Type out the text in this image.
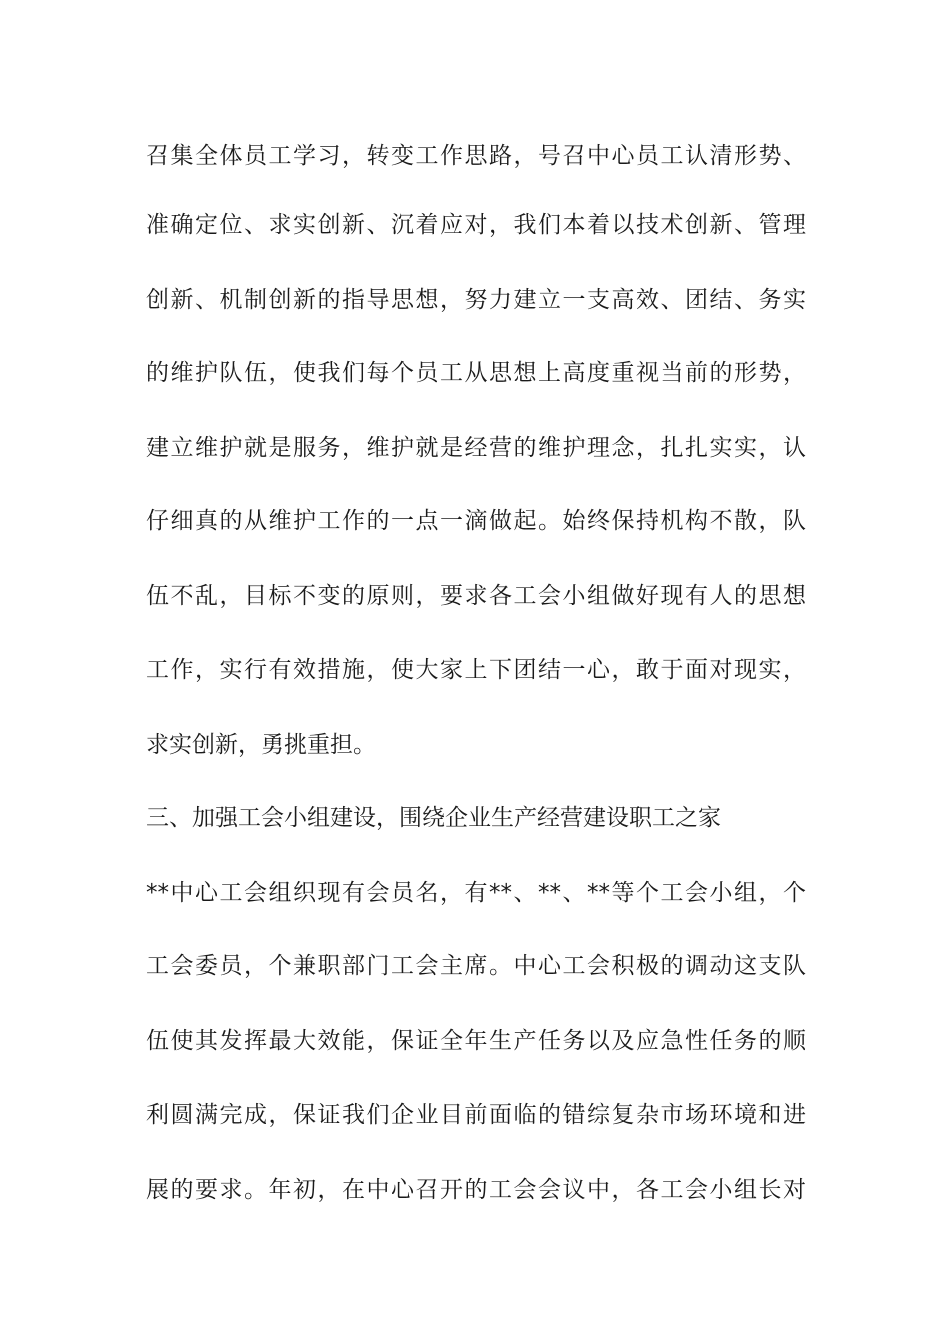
召集全体员工学习，转变工作思路，号召中心员工认清形势、
准确定位、求实创新、沉着应对，我们本着以技术创新、管理
创新、机制创新的指导思想，努力建立一支高效、团结、务实
的维护队伍，使我们每个员工从思想上高度重视当前的形势，
建立维护就是服务，维护就是经营的维护理念，扎扎实实，认
仔细真的从维护工作的一点一滴做起。始终保持机构不散，队
伍不乱，目标不变的原则，要求各工会小组做好现有人的思想
工作，实行有效措施，使大家上下团结一心，敢于面对现实，
求实创新，勇挑重担。
三、加强工会小组建设，围绕企业生产经营建设职工之家
**中心工会组织现有会员名，有**、**、**等个工会小组，个
工会委员，个兼职部门工会主席。中心工会积极的调动这支队
伍使其发挥最大效能，保证全年生产任务以及应急性任务的顺
利圆满完成，保证我们企业目前面临的错综复杂市场环境和进
展的要求。年初，在中心召开的工会会议中，各工会小组长对
